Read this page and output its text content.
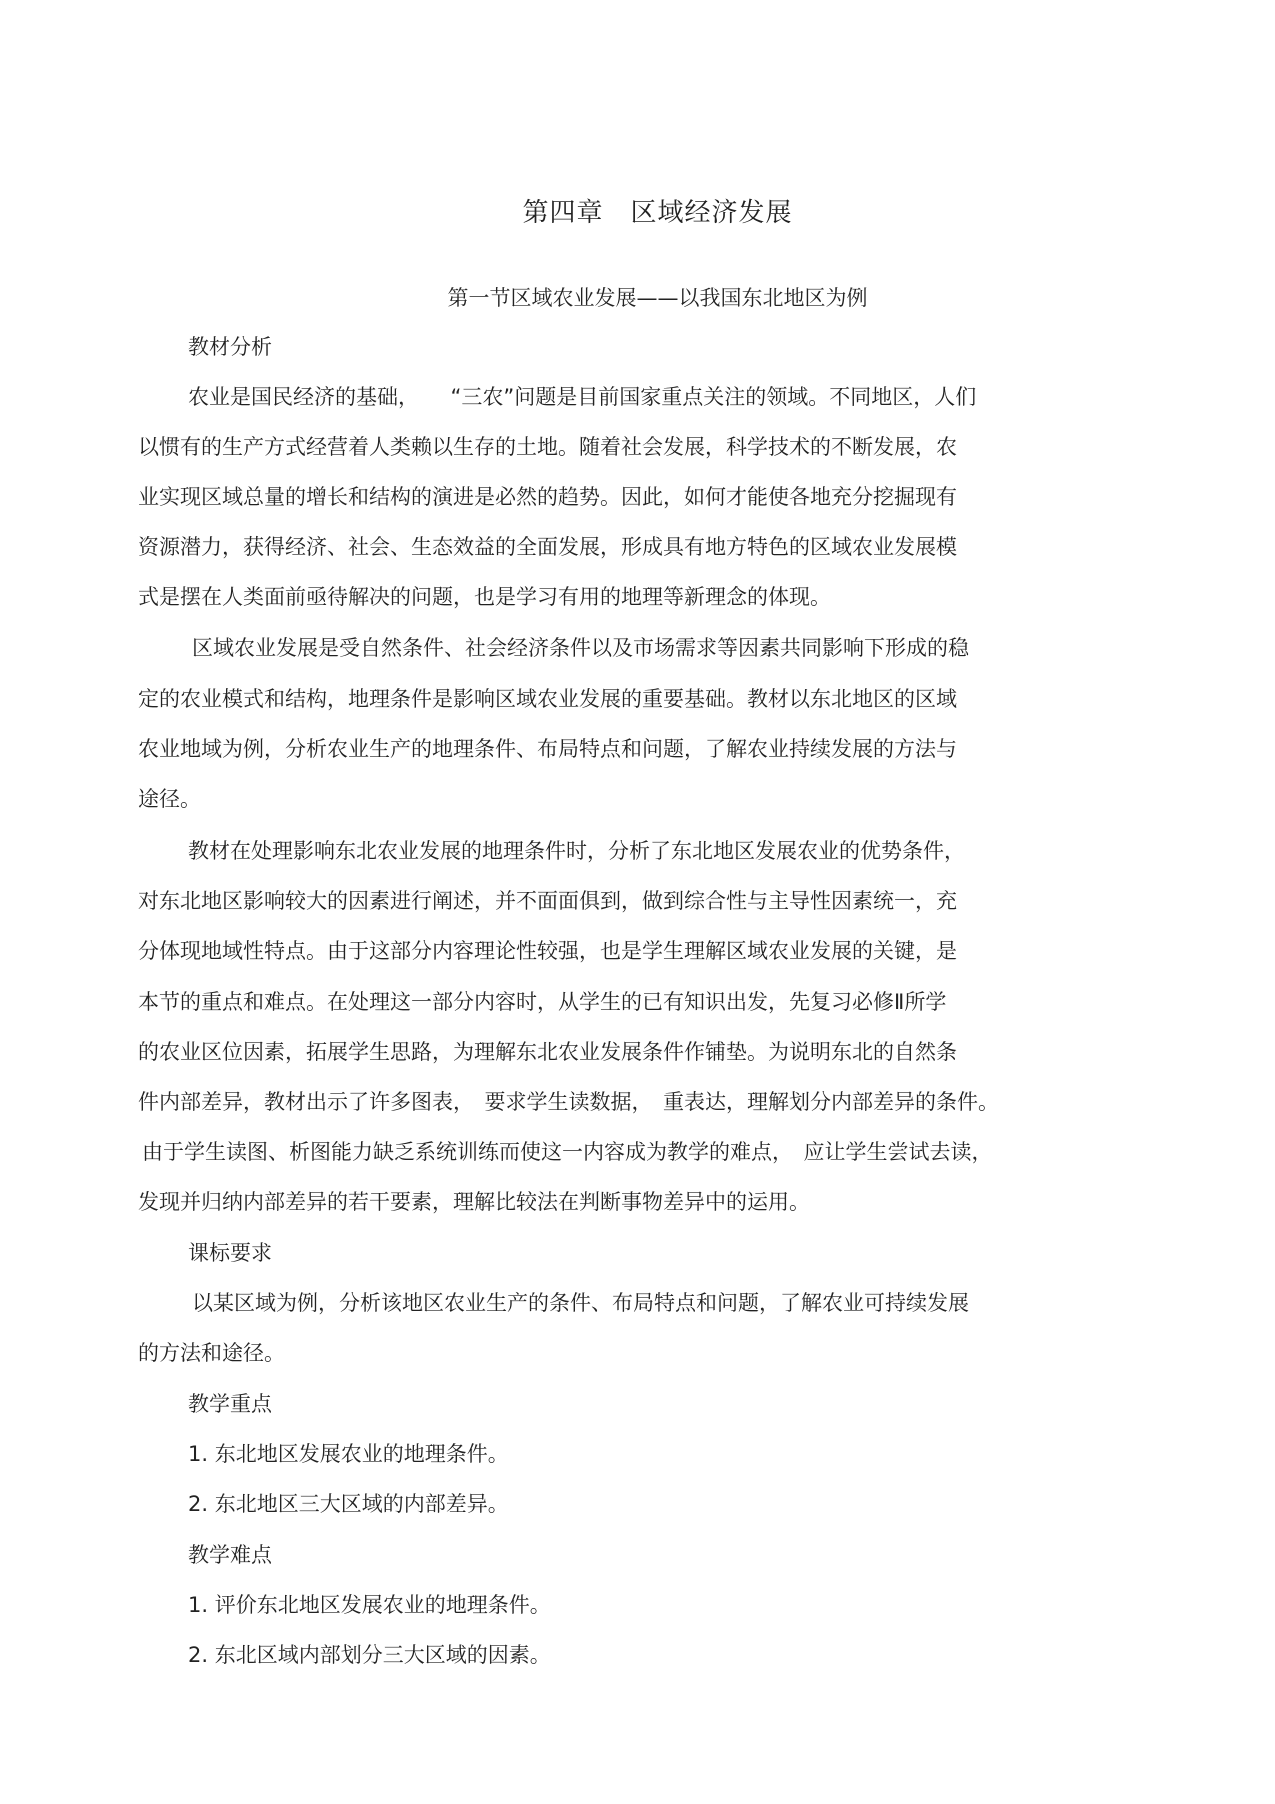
第四章　区域经济发展
第一节区域农业发展——以我国东北地区为例
教材分析
农业是国民经济的基础，　　“三农”问题是目前国家重点关注的领域。不同地区，人们
以惯有的生产方式经营着人类赖以生存的土地。随着社会发展，科学技术的不断发展，农
业实现区域总量的增长和结构的演进是必然的趋势。因此，如何才能使各地充分挖掘现有
资源潜力，获得经济、社会、生态效益的全面发展，形成具有地方特色的区域农业发展模
式是摆在人类面前亟待解决的问题，也是学习有用的地理等新理念的体现。
区域农业发展是受自然条件、社会经济条件以及市场需求等因素共同影响下形成的稳
定的农业模式和结构，地理条件是影响区域农业发展的重要基础。教材以东北地区的区域
农业地域为例，分析农业生产的地理条件、布局特点和问题，了解农业持续发展的方法与
途径。
教材在处理影响东北农业发展的地理条件时，分析了东北地区发展农业的优势条件，
对东北地区影响较大的因素进行阐述，并不面面俱到，做到综合性与主导性因素统一，充
分体现地域性特点。由于这部分内容理论性较强，也是学生理解区域农业发展的关键，是
本节的重点和难点。在处理这一部分内容时，从学生的已有知识出发，先复习必修Ⅱ所学
的农业区位因素，拓展学生思路，为理解东北农业发展条件作铺垫。为说明东北的自然条
件内部差异，教材出示了许多图表，　要求学生读数据，　重表达，理解划分内部差异的条件。
由于学生读图、析图能力缺乏系统训练而使这一内容成为教学的难点，　应让学生尝试去读，
发现并归纳内部差异的若干要素，理解比较法在判断事物差异中的运用。
课标要求
以某区域为例，分析该地区农业生产的条件、布局特点和问题，了解农业可持续发展
的方法和途径。
教学重点
1. 东北地区发展农业的地理条件。
2. 东北地区三大区域的内部差异。
教学难点
1. 评价东北地区发展农业的地理条件。
2. 东北区域内部划分三大区域的因素。
